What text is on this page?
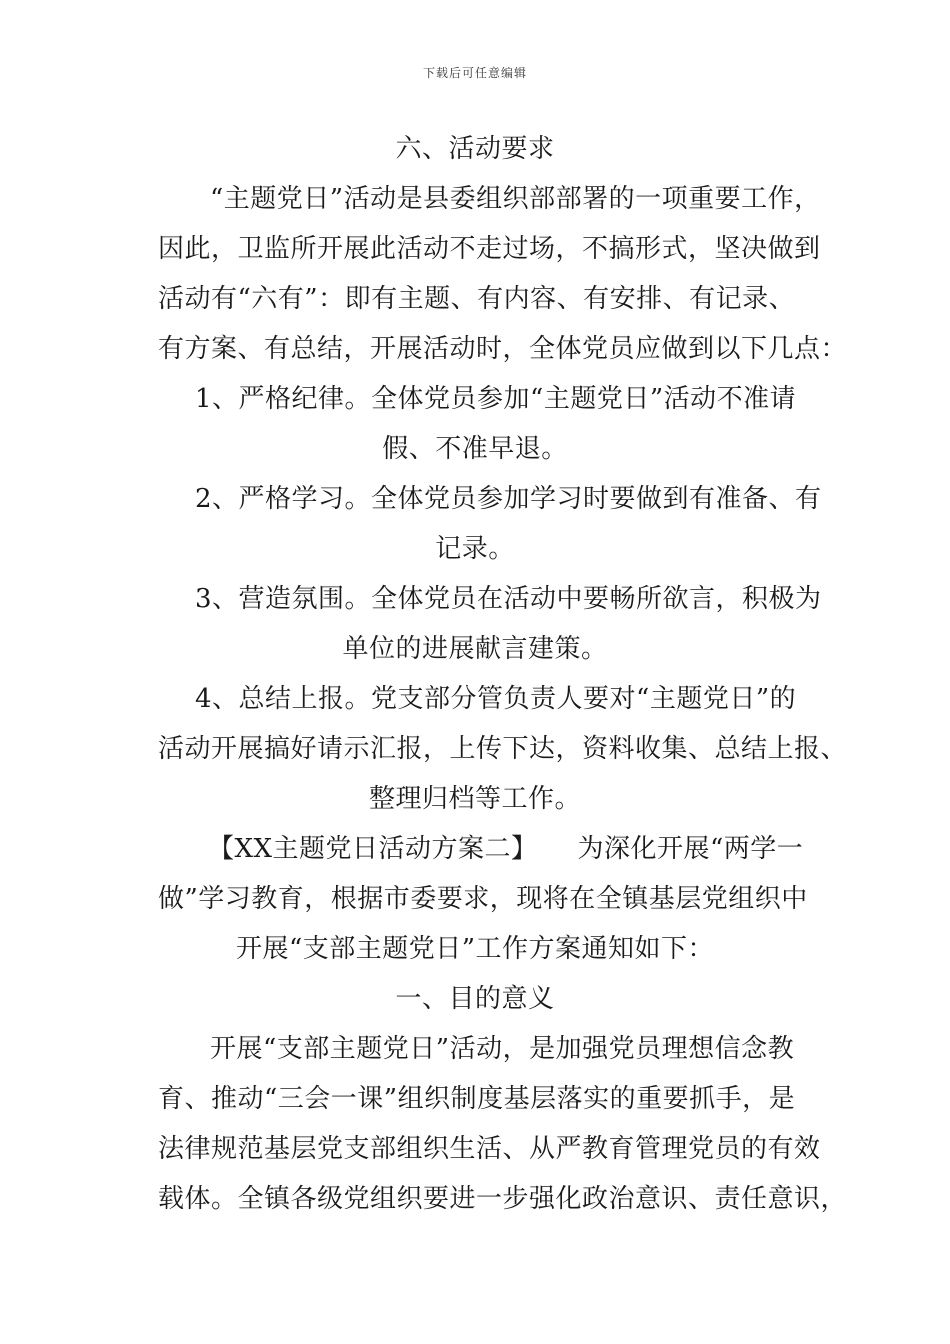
下载后可任意编辑
六、活动要求
“主题党日”活动是县委组织部部署的一项重要工作，
因此，卫监所开展此活动不走过场，不搞形式，坚决做到
活动有“六有”：即有主题、有内容、有安排、有记录、
有方案、有总结，开展活动时，全体党员应做到以下几点：
1、严格纪律。全体党员参加“主题党日”活动不准请
假、不准早退。
2、严格学习。全体党员参加学习时要做到有准备、有
记录。
3、营造氛围。全体党员在活动中要畅所欲言，积极为
单位的进展献言建策。
4、总结上报。党支部分管负责人要对“主题党日”的
活动开展搞好请示汇报，上传下达，资料收集、总结上报、
整理归档等工作。
【XX主题党日活动方案二】　　为深化开展“两学一
做”学习教育，根据市委要求，现将在全镇基层党组织中
开展“支部主题党日”工作方案通知如下：
一、目的意义
开展“支部主题党日”活动，是加强党员理想信念教
育、推动“三会一课”组织制度基层落实的重要抓手，是
法律规范基层党支部组织生活、从严教育管理党员的有效
载体。全镇各级党组织要进一步强化政治意识、责任意识，
